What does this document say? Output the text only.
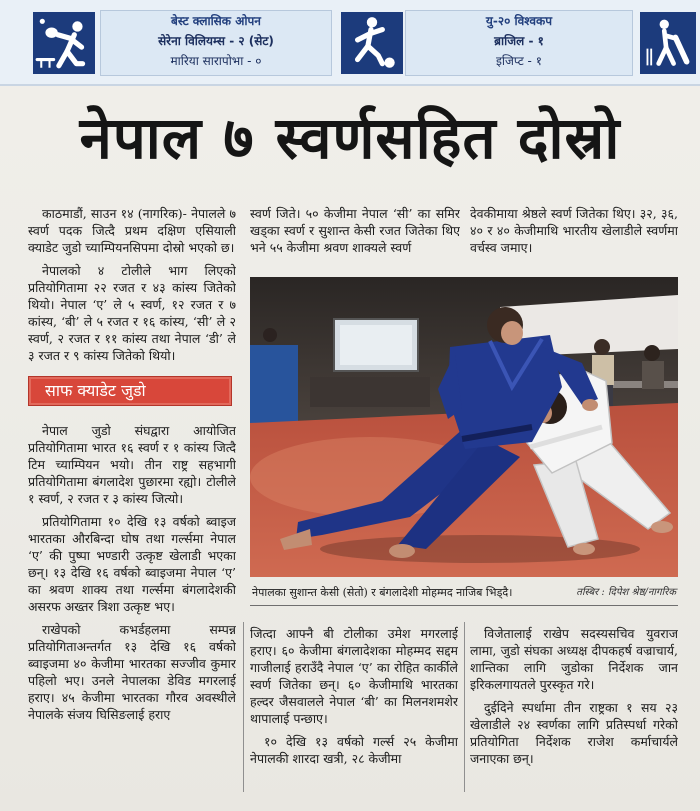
बेस्ट क्लासिक ओपन
सेरेना विलियम्स - २ (सेट)
मारिया सारापोभा - ०
यु-२० विश्वकप
ब्राजिल - १
इजिप्ट - १
नेपाल ७ स्वर्णसहित दोस्रो

काठमाडौं, साउन १४ (नागरिक)- नेपालले ७ स्वर्ण पदक जित्दै प्रथम दक्षिण एसियाली क्याडेट जुडो च्याम्पियनसिपमा दोस्रो भएको छ।

नेपालको ४ टोलीले भाग लिएको प्रतियोगितामा २२ रजत र ४३ कांस्य जितेको थियो। नेपाल ‘ए’ ले ५ स्वर्ण, १२ रजत र ७ कांस्य, ‘बी’ ले ५ रजत र १६ कांस्य, ‘सी’ ले २ स्वर्ण, २ रजत र ११ कांस्य तथा नेपाल ‘डी’ ले ३ रजत र ९ कांस्य जितेको थियो।

साफ क्याडेट जुडो

नेपाल जुडो संघद्वारा आयोजित प्रतियोगितामा भारत १६ स्वर्ण र १ कांस्य जित्दै टिम च्याम्पियन भयो। तीन राष्ट्र सहभागी प्रतियोगितामा बंगलादेश पुछारमा रह्यो। टोलीले १ स्वर्ण, २ रजत र ३ कांस्य जित्यो।

प्रतियोगितामा १० देखि १३ वर्षको ब्वाइज भारतका औरबिन्दा घोष तथा गर्ल्समा नेपाल ‘ए’ की पुष्पा भण्डारी उत्कृष्ट खेलाडी भएका छन्। १३ देखि १६ वर्षको ब्वाइजमा नेपाल ‘ए’ का श्रवण शाक्य तथा गर्ल्समा बंगलादेशकी असरफ अख्तर त्रिशा उत्कृष्ट भए।

राखेपको कभर्डहलमा सम्पन्न प्रतियोगिताअन्तर्गत १३ देखि १६ वर्षको ब्वाइजमा ४० केजीमा भारतका सज्जीव कुमार पहिलो भए। उनले नेपालका डेविड मगरलाई हराए। ४५ केजीमा भारतका गौरव अवस्थीले नेपालके संजय घिसिङलाई हराए

स्वर्ण जिते। ५० केजीमा नेपाल ‘सी’ का समिर खड्का स्वर्ण र सुशान्त केसी रजत जितेका थिए भने ५५ केजीमा श्रवण शाक्यले स्वर्ण

देवकीमाया श्रेष्ठले स्वर्ण जितेका थिए। ३२, ३६, ४० र ४० केजीमाथि भारतीय खेलाडीले स्वर्णमा वर्चस्व जमाए।

नेपालका सुशान्त केसी (सेतो) र बंगलादेशी मोहम्मद नाजिब भिड्दै।	तस्बिर : दिपेश श्रेष्ठ/नागरिक

जित्दा आफ्नै बी टोलीका उमेश मगरलाई हराए। ६० केजीमा बंगलादेशका मोहम्मद सद्दम गाजीलाई हराउँदै नेपाल ‘ए’ का रोहित कार्कीले स्वर्ण जितेका छन्। ६० केजीमाथि भारतका हल्दर जैसवालले नेपाल ‘बी’ का मिलनशमशेर थापालाई पन्छाए।

१० देखि १३ वर्षको गर्ल्स २५ केजीमा नेपालकी शारदा खत्री, २८ केजीमा

विजेतालाई राखेप सदस्यसचिव युवराज लामा, जुडो संघका अध्यक्ष दीपकहर्ष वज्राचार्य, शान्तिका लागि जुडोका निर्देशक जान इरिकलगायतले पुरस्कृत गरे।

दुईदिने स्पर्धामा तीन राष्ट्रका १ सय २३ खेलाडीले २४ स्वर्णका लागि प्रतिस्पर्धा गरेको प्रतियोगिता निर्देशक राजेश कर्माचार्यले जनाएका छन्।
